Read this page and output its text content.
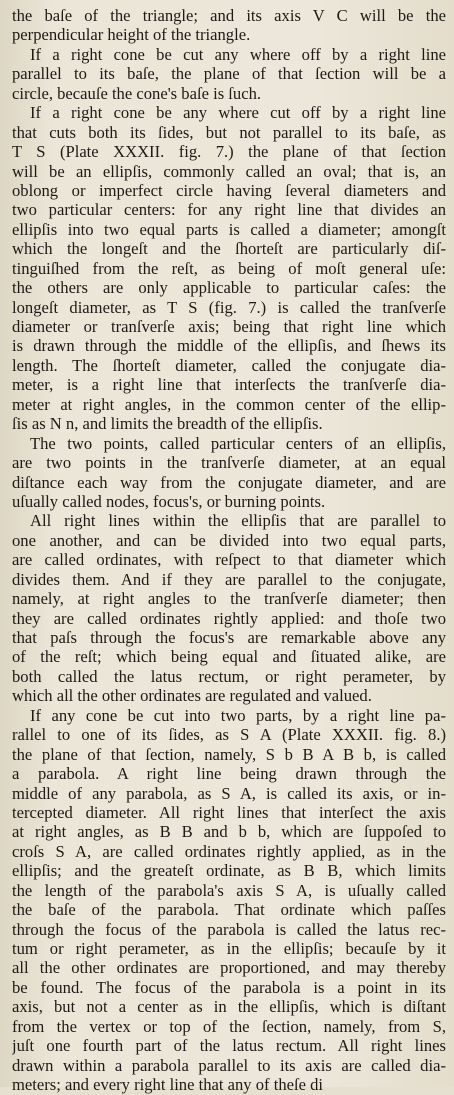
the baſe of the triangle; and its axis V C will be the
perpendicular height of the triangle.
If a right cone be cut any where off by a right line
parallel to its baſe, the plane of that ſection will be a
circle, becauſe the cone's baſe is ſuch.
If a right cone be any where cut off by a right line
that cuts both its ſides, but not parallel to its baſe, as
T S (Plate XXXII. fig. 7.) the plane of that ſection
will be an ellipſis, commonly called an oval; that is, an
oblong or imperfect circle having ſeveral diameters and
two particular centers: for any right line that divides an
ellipſis into two equal parts is called a diameter; amongſt
which the longeſt and the ſhorteſt are particularly diſ-
tinguiſhed from the reſt, as being of moſt general uſe:
the others are only applicable to particular caſes: the
longeſt diameter, as T S (fig. 7.) is called the tranſverſe
diameter or tranſverſe axis; being that right line which
is drawn through the middle of the ellipſis, and ſhews its
length. The ſhorteſt diameter, called the conjugate dia-
meter, is a right line that interſects the tranſverſe dia-
meter at right angles, in the common center of the ellip-
ſis as N n, and limits the breadth of the ellipſis.
The two points, called particular centers of an ellipſis,
are two points in the tranſverſe diameter, at an equal
diſtance each way from the conjugate diameter, and are
uſually called nodes, focus's, or burning points.
All right lines within the ellipſis that are parallel to
one another, and can be divided into two equal parts,
are called ordinates, with reſpect to that diameter which
divides them. And if they are parallel to the conjugate,
namely, at right angles to the tranſverſe diameter; then
they are called ordinates rightly applied: and thoſe two
that paſs through the focus's are remarkable above any
of the reſt; which being equal and ſituated alike, are
both called the latus rectum, or right perameter, by
which all the other ordinates are regulated and valued.
If any cone be cut into two parts, by a right line pa-
rallel to one of its ſides, as S A (Plate XXXII. fig. 8.)
the plane of that ſection, namely, S b B A B b, is called
a parabola. A right line being drawn through the
middle of any parabola, as S A, is called its axis, or in-
tercepted diameter. All right lines that interſect the axis
at right angles, as B B and b b, which are ſuppoſed to
croſs S A, are called ordinates rightly applied, as in the
ellipſis; and the greateſt ordinate, as B B, which limits
the length of the parabola's axis S A, is uſually called
the baſe of the parabola. That ordinate which paſſes
through the focus of the parabola is called the latus rec-
tum or right perameter, as in the ellipſis; becauſe by it
all the other ordinates are proportioned, and may thereby
be found. The focus of the parabola is a point in its
axis, but not a center as in the ellipſis, which is diſtant
from the vertex or top of the ſection, namely, from S,
juſt one fourth part of the latus rectum. All right lines
drawn within a parabola parallel to its axis are called dia-
meters; and every right line that any of theſe di
